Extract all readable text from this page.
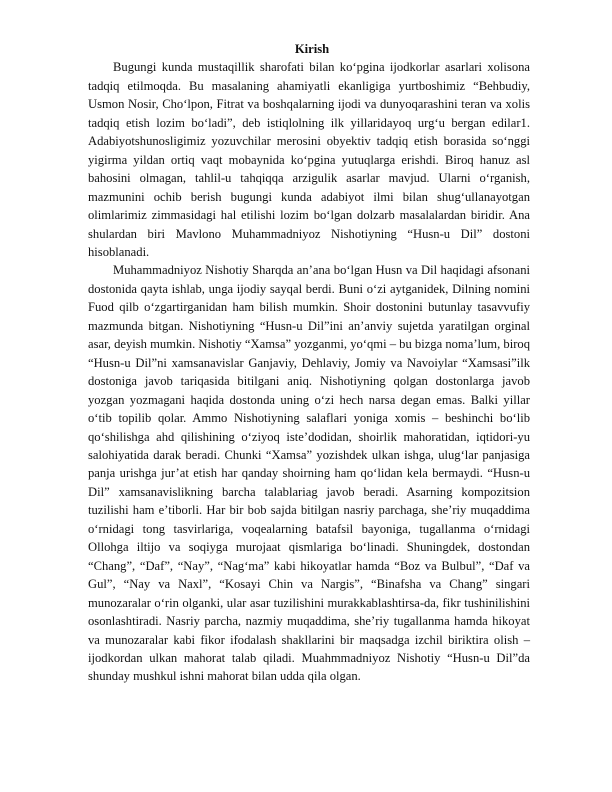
Kirish

Bugungi kunda mustaqillik sharofati bilan ko‘pgina ijodkorlar asarlari xolisona tadqiq etilmoqda. Bu masalaning ahamiyatli ekanligiga yurtboshimiz “Behbudiy, Usmon Nosir, Cho‘lpon, Fitrat va boshqalarning ijodi va dunyoqarashini teran va xolis tadqiq etish lozim bo‘ladi”, deb istiqlolning ilk yillaridayoq urg‘u bergan edilar1. Adabiyotshunosligimiz yozuvchilar merosini obyektiv tadqiq etish borasida so‘nggi yigirma yildan ortiq vaqt mobaynida ko‘pgina yutuqlarga erishdi. Biroq hanuz asl bahosini olmagan, tahlil-u tahqiqqa arzigulik asarlar mavjud. Ularni o‘rganish, mazmunini ochib berish bugungi kunda adabiyot ilmi bilan shug‘ullanayotgan olimlarimiz zimmasidagi hal etilishi lozim bo‘lgan dolzarb masalalardan biridir. Ana shulardan biri Mavlono Muhammadniyoz Nishotiyning “Husn-u Dil” dostoni hisoblanadi.

Muhammadniyoz Nishotiy Sharqda an’ana bo‘lgan Husn va Dil haqidagi afsonani dostonida qayta ishlab, unga ijodiy sayqal berdi. Buni o‘zi aytganidek, Dilning nomini Fuod qilb o‘zgartirganidan ham bilish mumkin. Shoir dostonini butunlay tasavvufiy mazmunda bitgan. Nishotiyning “Husn-u Dil”ini an’anviy sujetda yaratilgan orginal asar, deyish mumkin. Nishotiy “Xamsa” yozganmi, yo‘qmi – bu bizga noma’lum, biroq “Husn-u Dil”ni xamsanavislar Ganjaviy, Dehlaviy, Jomiy va Navoiylar “Xamsasi”ilk dostoniga javob tariqasida bitilgani aniq. Nishotiyning qolgan dostonlarga javob yozgan yozmagani haqida dostonda uning o‘zi hech narsa degan emas. Balki yillar o‘tib topilib qolar. Ammo Nishotiyning salaflari yoniga xomis – beshinchi bo‘lib qo‘shilishga ahd qilishining o‘ziyoq iste’dodidan, shoirlik mahoratidan, iqtidori-yu salohiyatida darak beradi. Chunki “Xamsa” yozishdek ulkan ishga, ulug‘lar panjasiga panja urishga jur’at etish har qanday shoirning ham qo‘lidan kela bermaydi. “Husn-u Dil” xamsanavislikning barcha talablariag javob beradi. Asarning kompozitsion tuzilishi ham e’tiborli. Har bir bob sajda bitilgan nasriy parchaga, she’riy muqaddima o‘rnidagi tong tasvirlariga, voqealarning batafsil bayoniga, tugallanma o‘rnidagi Ollohga iltijo va soqiyga murojaat qismlariga bo‘linadi. Shuningdek, dostondan “Chang”, “Daf”, “Nay”, “Nag‘ma” kabi hikoyatlar hamda “Boz va Bulbul”, “Daf va Gul”, “Nay va Naxl”, “Kosayi Chin va Nargis”, “Binafsha va Chang” singari munozaralar o‘rin olganki, ular asar tuzilishini murakkablashtirsa-da, fikr tushinilishini osonlashtiradi. Nasriy parcha, nazmiy muqaddima, she’riy tugallanma hamda hikoyat va munozaralar kabi fikor ifodalash shakllarini bir maqsadga izchil biriktira olish – ijodkordan ulkan mahorat talab qiladi. Muahmmadniyoz Nishotiy “Husn-u Dil”da shunday mushkul ishni mahorat bilan udda qila olgan.
